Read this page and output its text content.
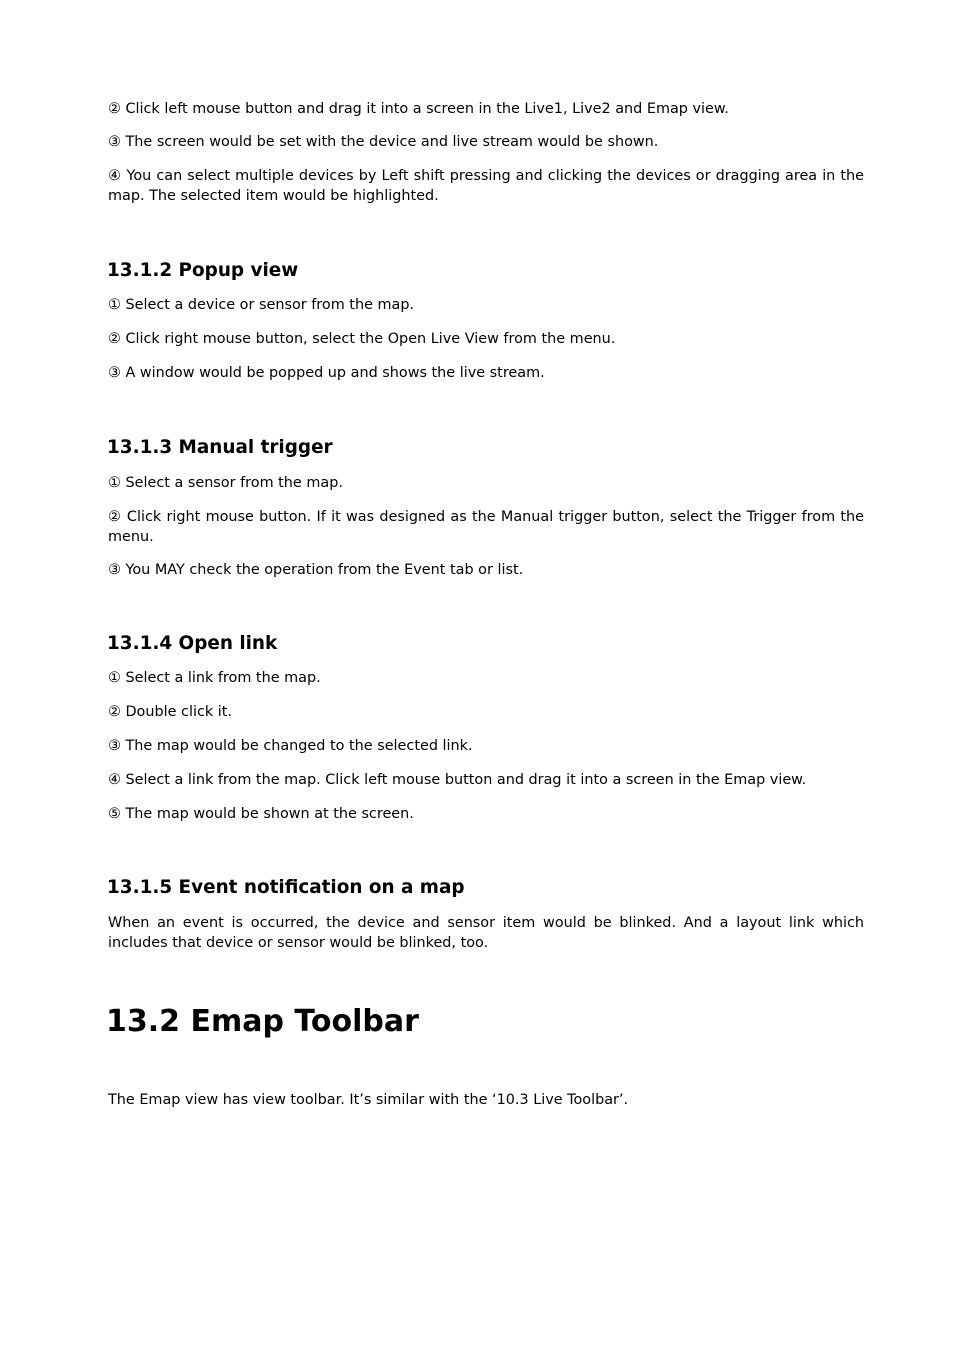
② Click left mouse button and drag it into a screen in the Live1, Live2 and Emap view.

③ The screen would be set with the device and live stream would be shown.

④ You can select multiple devices by Left shift pressing and clicking the devices or dragging area in the map. The selected item would be highlighted.

13.1.2 Popup view

① Select a device or sensor from the map.

② Click right mouse button, select the Open Live View from the menu.

③ A window would be popped up and shows the live stream.

13.1.3 Manual trigger

① Select a sensor from the map.

② Click right mouse button. If it was designed as the Manual trigger button, select the Trigger from the menu.

③ You MAY check the operation from the Event tab or list.

13.1.4 Open link

① Select a link from the map.

② Double click it.

③ The map would be changed to the selected link.

④ Select a link from the map. Click left mouse button and drag it into a screen in the Emap view.

⑤ The map would be shown at the screen.

13.1.5 Event notification on a map

When an event is occurred, the device and sensor item would be blinked. And a layout link which includes that device or sensor would be blinked, too.

13.2 Emap Toolbar

The Emap view has view toolbar. It’s similar with the ‘10.3 Live Toolbar’.
